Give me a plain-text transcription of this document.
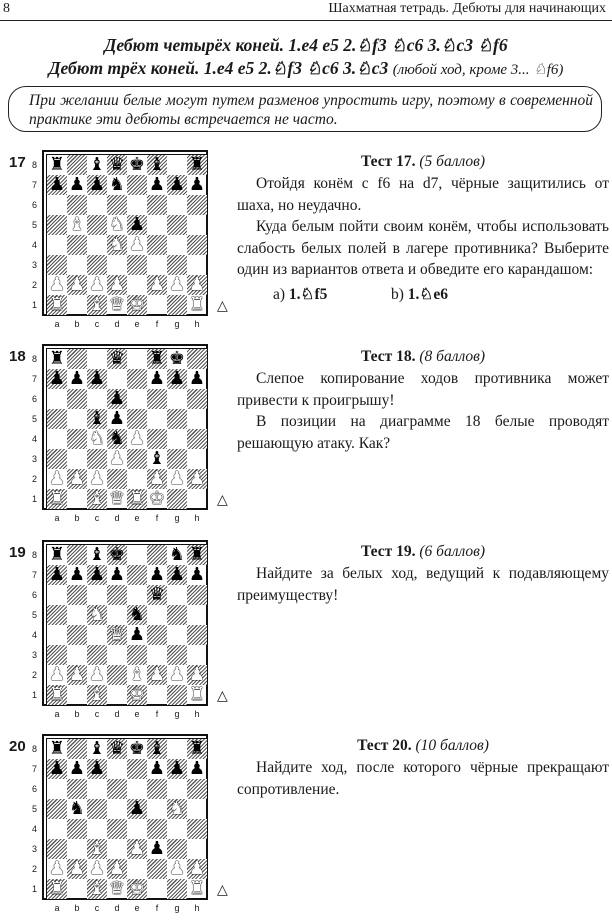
8	Шахматная тетрадь. Дебюты для начинающих
Дебют четырёх коней. 1.e4 e5 2.♘f3 ♘c6 3.♘c3 ♘f6
Дебют трёх коней. 1.e4 e5 2.♘f3 ♘c6 3.♘c3 (любой ход, кроме 3... ♘f6)
При желании белые могут путем разменов упростить игру, поэтому в современной практике эти дебюты встречается не часто.
17 8
7
6
5
4
3
2
1
♜ ♝ ♛ ♚ ♝ ♜
♟ ♟ ♟ ♞ ♟ ♟ ♟
♝ ♞ ♟
♞ ♟
♟ ♟ ♟ ♟ ♟ ♟ ♟
♜ ♝ ♛ ♚ ♜
a	b	c	d	e	f	g	h
△
18 8
7
6
5
4
3
2
1
♜ ♛ ♜ ♚
♟ ♟ ♟ ♟ ♟ ♟
♟
♝ ♟
♞ ♞ ♟
♟ ♝
♟ ♟ ♟ ♟ ♟ ♟
♜ ♝ ♛ ♜ ♚
a	b	c	d	e	f	g	h
△
19 8
7
6
5
4
3
2
1
♜ ♝ ♚ ♞ ♜
♟ ♟ ♟ ♟ ♟ ♟ ♟
♛
♞ ♞
♛ ♟
♟ ♟ ♟ ♝ ♟ ♟ ♟
♜ ♝ ♚ ♜
a	b	c	d	e	f	g	h
△
20 8
7
6
5
4
3
2
1
♜ ♝ ♛ ♚ ♝ ♜
♟ ♟ ♟ ♟ ♟ ♟
♞ ♟ ♞
♝ ♟ ♟
♟ ♟ ♟ ♟ ♟ ♟
♜ ♝ ♛ ♚ ♜
a	b	c	d	e	f	g	h
△
Тест 17. (5 баллов)

Отойдя конём с f6 на d7, чёрные защитились от шаха, но неудачно.

Куда белым пойти своим конём, чтобы использовать слабость белых полей в лагере противника? Выберите один из вариантов ответа и обведите его карандашом:

a) 1.♘f5	b) 1.♘e6
Тест 18. (8 баллов)

Слепое копирование ходов противника может привести к проигрышу!

В позиции на диаграмме 18 белые проводят решающую атаку. Как?

Тест 19. (6 баллов)

Найдите за белых ход, ведущий к подавляющему преимуществу!

Тест 20. (10 баллов)

Найдите ход, после которого чёрные прекращают сопротивление.
